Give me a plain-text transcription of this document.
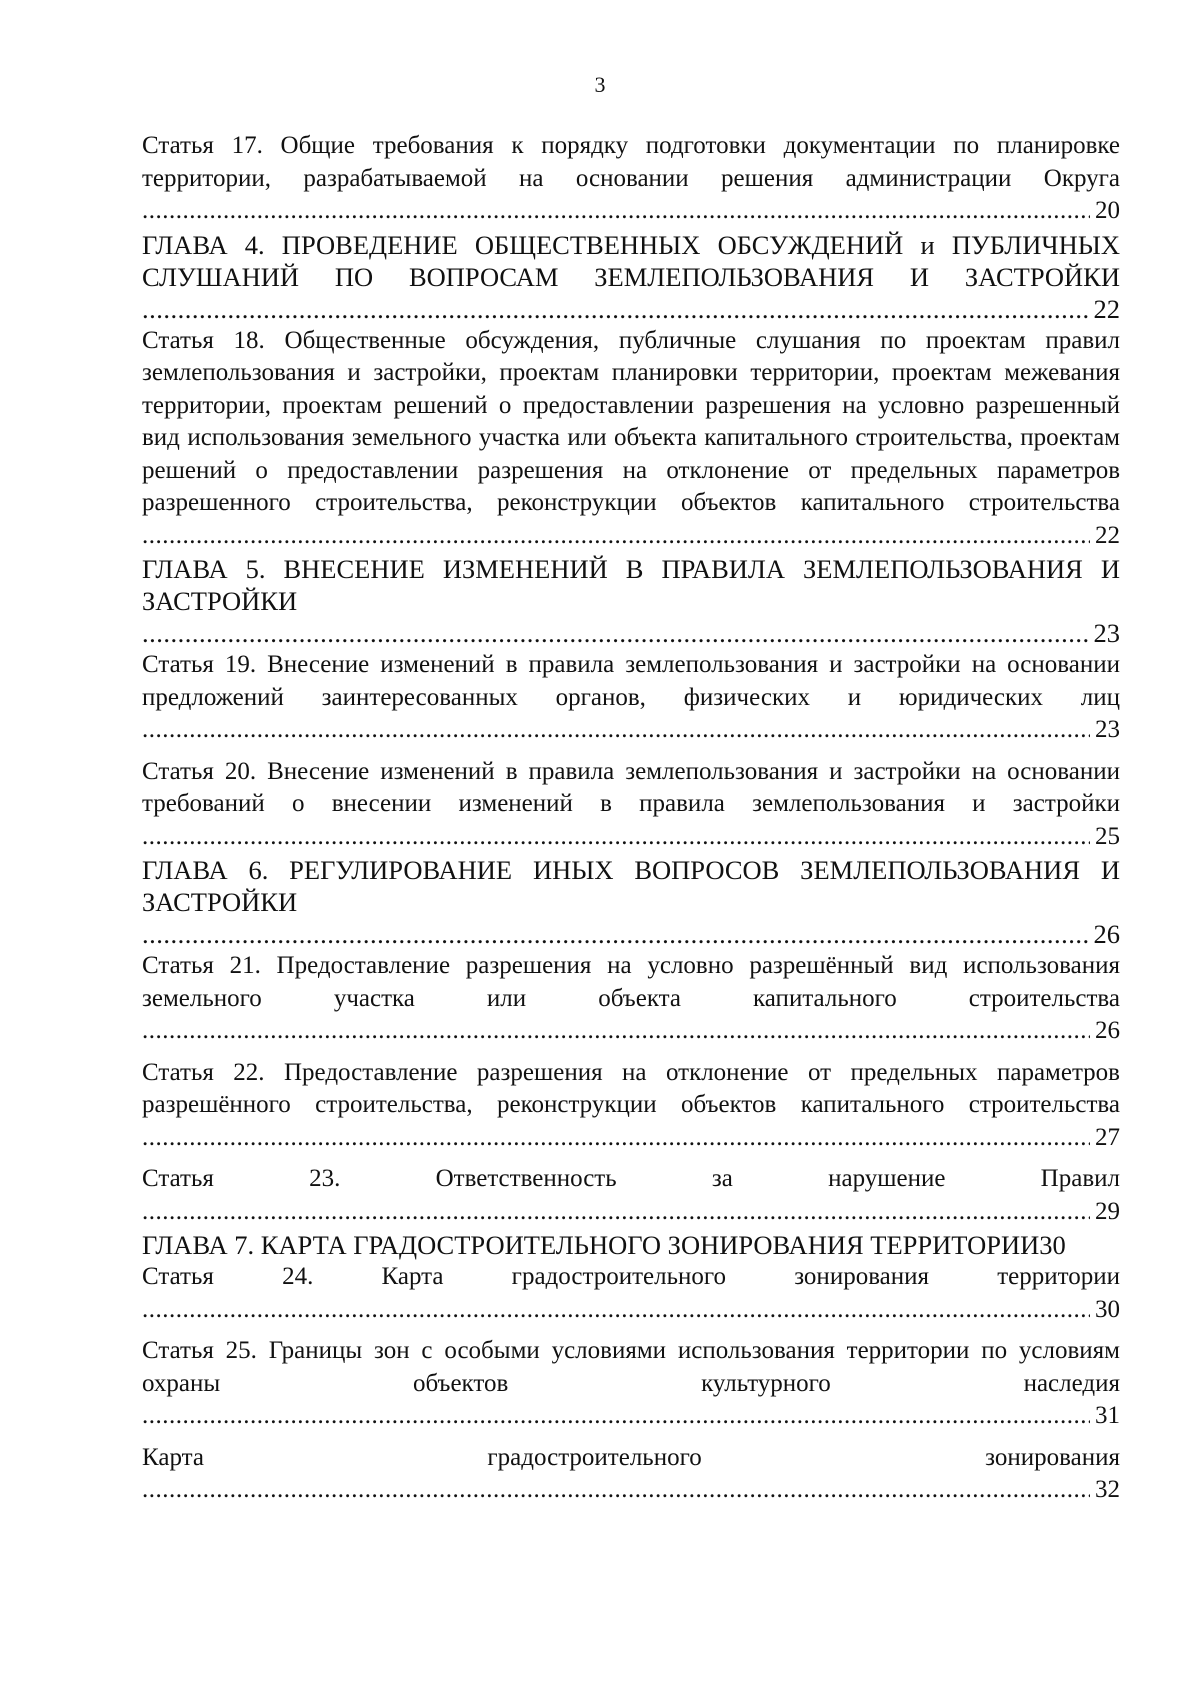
3
Статья 17. Общие требования к порядку подготовки документации по планировке территории, разрабатываемой на основании решения администрации Округа .....
20
ГЛАВА 4. ПРОВЕДЕНИЕ ОБЩЕСТВЕННЫХ ОБСУЖДЕНИЙ и ПУБЛИЧНЫХ СЛУШАНИЙ ПО ВОПРОСАМ ЗЕМЛЕПОЛЬЗОВАНИЯ И ЗАСТРОЙКИ .....
22
Статья 18. Общественные обсуждения, публичные слушания по проектам правил землепользования и застройки, проектам планировки территории, проектам межевания территории, проектам решений о предоставлении разрешения на условно разрешенный вид использования земельного участка или объекта капитального строительства, проектам решений о предоставлении разрешения на отклонение от предельных параметров разрешенного строительства, реконструкции объектов капитального строительства .....
22
ГЛАВА 5. ВНЕСЕНИЕ ИЗМЕНЕНИЙ В ПРАВИЛА ЗЕМЛЕПОЛЬЗОВАНИЯ И ЗАСТРОЙКИ .....
23
Статья 19. Внесение изменений в правила землепользования и застройки на основании предложений заинтересованных органов, физических и юридических лиц .....
23
Статья 20. Внесение изменений в правила землепользования и застройки на основании требований о внесении изменений в правила землепользования и застройки .....
25
ГЛАВА 6. РЕГУЛИРОВАНИЕ ИНЫХ ВОПРОСОВ ЗЕМЛЕПОЛЬЗОВАНИЯ И ЗАСТРОЙКИ .....
26
Статья 21. Предоставление разрешения на условно разрешённый вид использования земельного участка или объекта капитального строительства .....
26
Статья 22. Предоставление разрешения на отклонение от предельных параметров разрешённого строительства, реконструкции объектов капитального строительства .....
27
Статья 23. Ответственность за нарушение Правил .....
29
ГЛАВА 7. КАРТА ГРАДОСТРОИТЕЛЬНОГО ЗОНИРОВАНИЯ ТЕРРИТОРИИ30
Статья 24. Карта градостроительного зонирования территории .....
30
Статья 25. Границы зон с особыми условиями использования территории по условиям охраны объектов культурного наследия .....
31
Карта градостроительного зонирования .....
32
